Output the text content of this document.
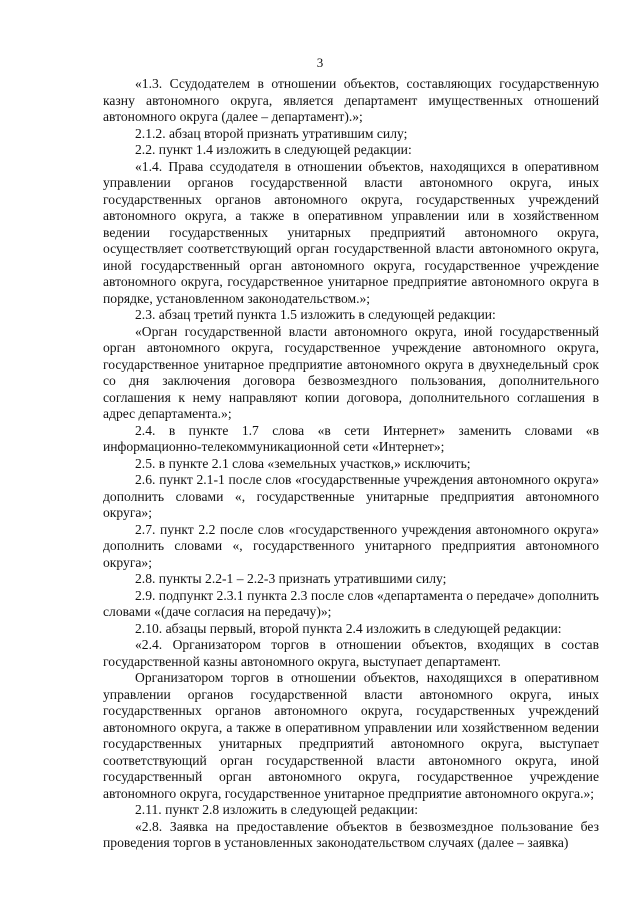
3

«1.3. Ссудодателем в отношении объектов, составляющих государственную казну автономного округа, является департамент имущественных отношений автономного округа (далее – департамент).»;

2.1.2. абзац второй признать утратившим силу;

2.2. пункт 1.4 изложить в следующей редакции:

«1.4. Права ссудодателя в отношении объектов, находящихся в оперативном управлении органов государственной власти автономного округа, иных государственных органов автономного округа, государственных учреждений автономного округа, а также в оперативном управлении или в хозяйственном ведении государственных унитарных предприятий автономного округа, осуществляет соответствующий орган государственной власти автономного округа, иной государственный орган автономного округа, государственное учреждение автономного округа, государственное унитарное предприятие автономного округа в порядке, установленном законодательством.»;

2.3. абзац третий пункта 1.5 изложить в следующей редакции:

«Орган государственной власти автономного округа, иной государственный орган автономного округа, государственное учреждение автономного округа, государственное унитарное предприятие автономного округа в двухнедельный срок со дня заключения договора безвозмездного пользования, дополнительного соглашения к нему направляют копии договора, дополнительного соглашения в адрес департамента.»;

2.4. в пункте 1.7 слова «в сети Интернет» заменить словами «в информационно-телекоммуникационной сети «Интернет»;

2.5. в пункте 2.1 слова «земельных участков,» исключить;

2.6. пункт 2.1-1 после слов «государственные учреждения автономного округа» дополнить словами «, государственные унитарные предприятия автономного округа»;

2.7. пункт 2.2 после слов «государственного учреждения автономного округа» дополнить словами «, государственного унитарного предприятия автономного округа»;

2.8. пункты 2.2-1 – 2.2-3 признать утратившими силу;

2.9. подпункт 2.3.1 пункта 2.3 после слов «департамента о передаче» дополнить словами «(даче согласия на передачу)»;

2.10. абзацы первый, второй пункта 2.4 изложить в следующей редакции:

«2.4. Организатором торгов в отношении объектов, входящих в состав государственной казны автономного округа, выступает департамент.

Организатором торгов в отношении объектов, находящихся в оперативном управлении органов государственной власти автономного округа, иных государственных органов автономного округа, государственных учреждений автономного округа, а также в оперативном управлении или хозяйственном ведении государственных унитарных предприятий автономного округа, выступает соответствующий орган государственной власти автономного округа, иной государственный орган автономного округа, государственное учреждение автономного округа, государственное унитарное предприятие автономного округа.»;

2.11. пункт 2.8 изложить в следующей редакции:

«2.8. Заявка на предоставление объектов в безвозмездное пользование без проведения торгов в установленных законодательством случаях (далее – заявка)
